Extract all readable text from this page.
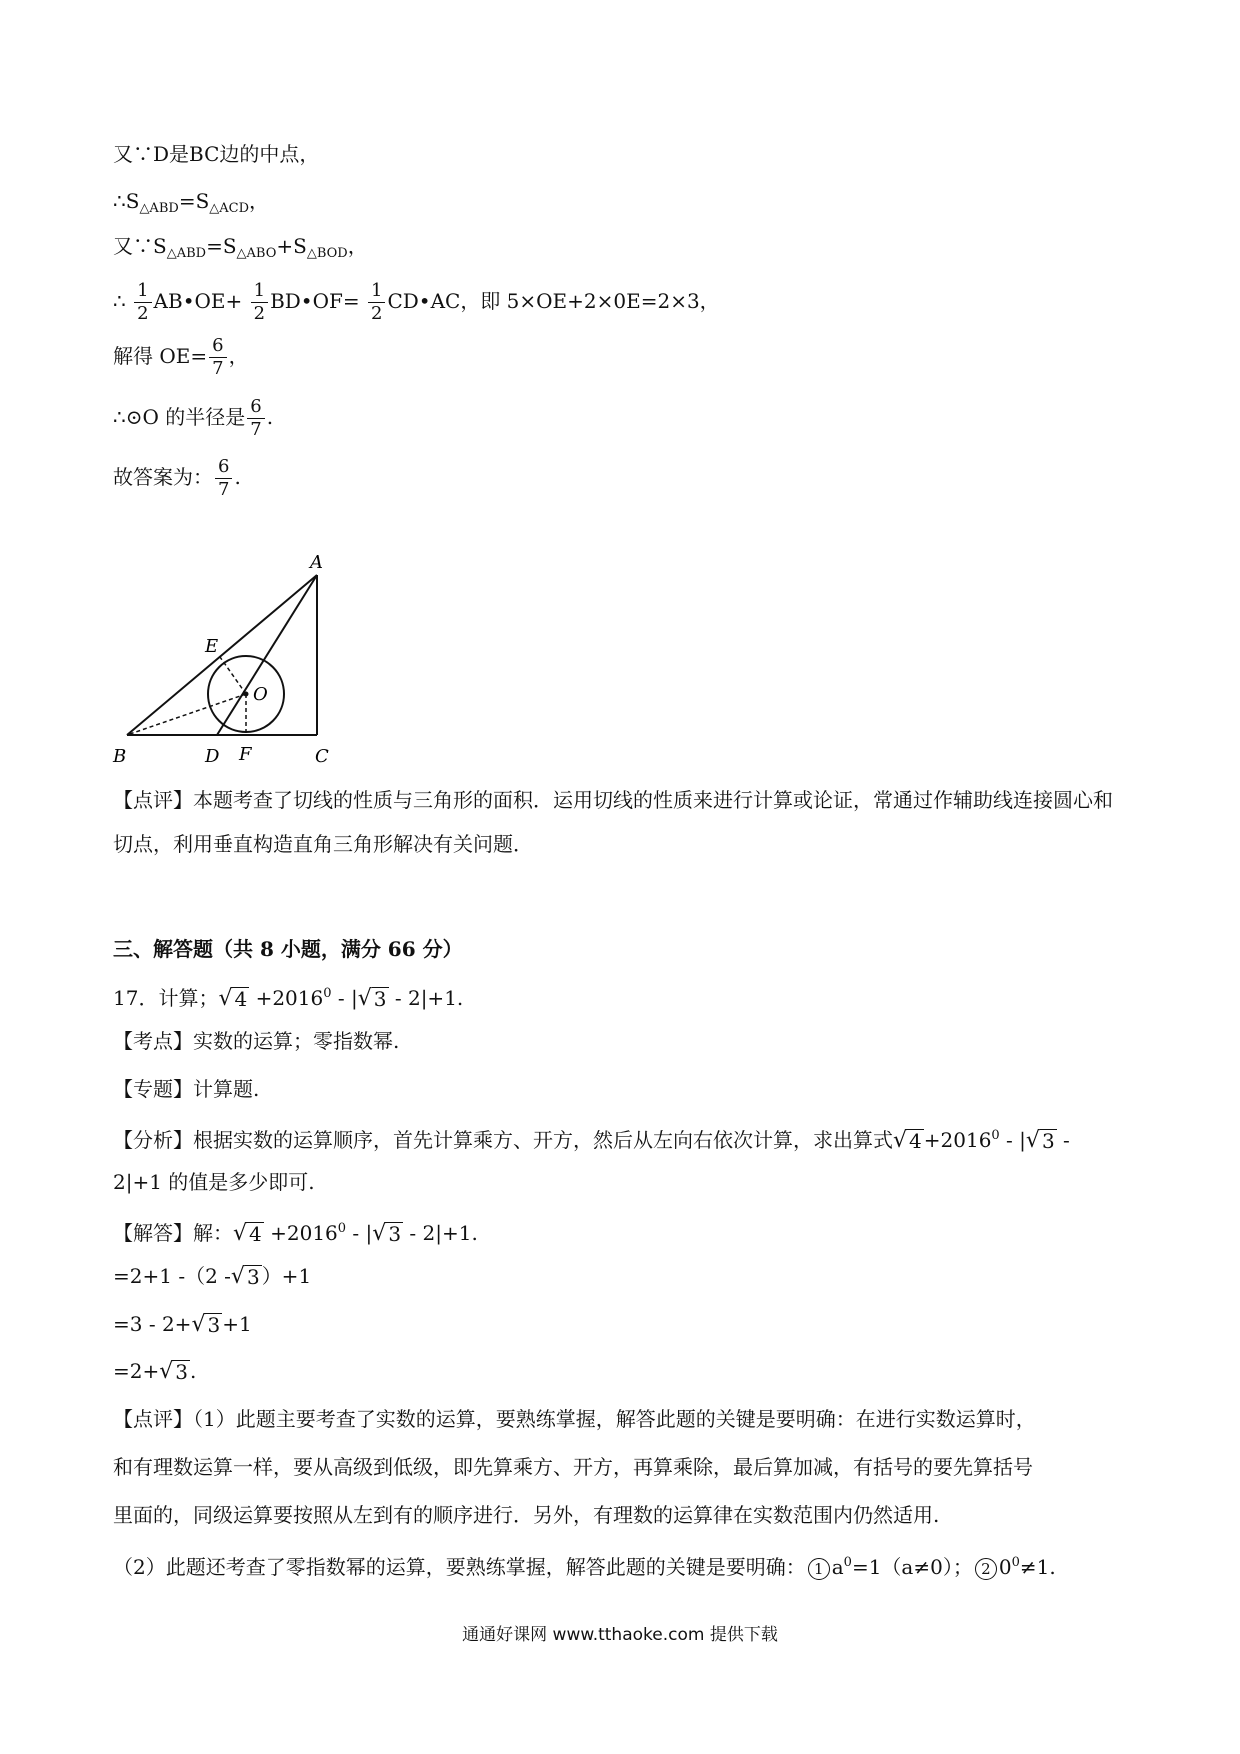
又∵D是BC边的中点，
$\therefore S_{\triangle ABD}=S_{\triangle ACD}$，
又$\because S_{\triangle ABD}=S_{\triangle ABO}+S_{\triangle BOD}$，
∴ $\frac{1}{2}$ AB•OE+ $\frac{1}{2}$ BD•OF= $\frac{1}{2}$ CD•AC，即 5×OE+2×0E=2×3，
解得 $OE= \frac{6}{7}$ ，
∴⊙O 的半径是 $\frac{6}{7}$ .
故答案为： $\frac{6}{7}$ .
A
E
O
B	D F	C
【点评】本题考查了切线的性质与三角形的面积．运用切线的性质来进行计算或论证，常通过作辅助线连接圆心和切点，利用垂直构造直角三角形解决有关问题．
三、解答题（共 8 小题，满分 66 分）
17．计算； √ $4 +2016^0$ - | √ 3 - 2|+1.
【考点】实数的运算；零指数幂.
【专题】计算题.
【分析】根据实数的运算顺序，首先计算乘方、开方，然后从左向右依次计算，求出算式 √ $4 +2016^0$ - | √ 3 -
2|+1 的值是多少即可.
【解答】解： √ $4 +2016^0$ - | √ 3 - 2|+1.
=2+1 -（2 - √ 3 ）+1
=3 - 2+ √ 3 +1
=2+ √ 3 .
【点评】（1）此题主要考查了实数的运算，要熟练掌握，解答此题的关键是要明确：在进行实数运算时，
和有理数运算一样，要从高级到低级，即先算乘方、开方，再算乘除，最后算加减，有括号的要先算括号
里面的，同级运算要按照从左到有的顺序进行．另外，有理数的运算律在实数范围内仍然适用.
（2）此题还考查了零指数幂的运算，要熟练掌握，解答此题的关键是要明确： 1 $a^0=1(a\ne 0)$； 2 $0^0\ne 1$.
通通好课网 www.tthaoke.com 提供下载
